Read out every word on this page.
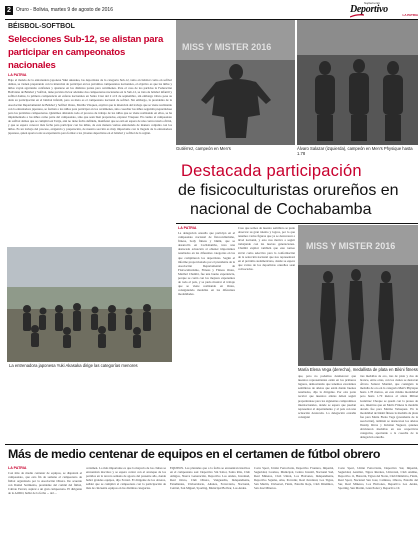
2	Oruro - Bolivia, martes 9 de agosto de 2016
Suplemento
Deportivo	LA PATRIA
BÉISBOL-SOFTBOL
Selecciones Sub-12, se alistan para participar en campeonatos nacionales
LA PATRIA
Bajo el mando de la entrenadora japonesa Yuki Akasaka, las deportistas de la categoría Sub-12, tanto en béisbol como en softbol damas, se vienen preparando con la intención de participar en los próximos campeonatos nacionales, el objetivo es que las niñas y niños vayan agarrando confianza y ajustarse en los distintos partes para certámenes. Para el caso de los partidos la Federación Boliviana de Béisbol y Softbol, tiene previsto llevar adelante dos campeonatos nacionales en la Sub-12, se trata de béisbol infantil y softbol damas, la primera competencia en esferas nacionales en Santa Cruz del 2 al 6 de septiembre, sin embargo Oruro pese su dada su participación en el béisbol infantil, pero su meta es el campeonato nacional de softbol. Sin embargo, la presidenta de la Asociación Departamental de Béisbol y Softbol Oruro, Martha Vásquez, explicó que la intención del trabajo que se viene realizando con la entrenadora japonesa, se forman a los niños para participar en los certámenes, sino cosechar los niños seguirán preparándose para los próximos campeonatos. Quisimos alistando todo el proceso de trabajo de los niños que se viene realizando en ellos, se ha implementado a los niños como parte del campeonato, sino que sean bien preparados, expresó Vásquez. En cuanto al campeonato de softbol damas que se cumplirá en Tarija, aún no tiene fecha definida, manifestó que se está en espera de una convocatoria oficial, y que se espera conocer más fecha para participar con las niñas, de esta manera vamos entrenando de manera conjunta con los niños. Es un trabajo del proceso, exigencia y preparación, de nuestra sección es muy importante con la llegada de la entrenadora japonesa, quien aporta toda su experiencia para formar a los jóvenes deportistas en el béisbol y softbol de la región.
La entrenadora japonesa Yuki Akasaka dirige las categorías menores
MISS Y MISTER 2016
Gutiérrez, campeón en Men's	Álvaro Salazar (izquierda), campeón en Men's Physique hasta 1.78
Destacada participación
de fisicoculturistas orureños en
nacional de Cochabamba
LA PATRIA
La delegación orureña que participó en el campeonato nacional de fisicoculturismo, fitness, body fitness y bikini, que se desarrolló en Cochabamba, tuvo una destacada actuación al obtener importantes resultados en las diferentes categorías en las que compitieron los deportistas. Según el informe proporcionado por el presidente de la Asociación Departamental de Fisicoculturismo, Fitness y Fitness Oruro, Maribel Chambi, fue una buena experiencia, porque se contó con los mejores exponentes de todo el país, y se pudo mostrar el trabajo que se viene realizando en Oruro, consiguiendo medallas en las diferentes modalidades.
Creo que somos de nuestro semillero se pudo observar su gran talento y logros, por lo que tenemos varias figuras que ya se destacaron a nivel nacional, y esto nos motiva a seguir trabajando con las nuevas generaciones. Chambi explicó también que este torneo sirvió como selectivo para la conformación de la selección nacional que nos representará en el próximo sudamericano, donde se espera que varios de los deportistas orureños sean convocados.
MISS Y MISTER 2016
María Elena Vega (derecha), medallista de plata en Bikini fitness
que, pero no podemos desmerecer que nuestros representantes estén en los primeros lugares, demostrando que tenemos excelentes semilleros de atletas que están dando buenos resultados, dijo la dirigente. Por otra parte recalcó que nuestros atletas deben seguir preparándose para los siguientes compromisos internacionales, donde se espera que puedan representar al departamento y al país con una actuación destacada. La delegación orureña consiguió
tres medallas de oro, tres de plata y dos de bronce, entre otras, con los cuales se destacan Álvaro Salazar Montiel, que consiguió la medalla de oro en la categoría Men's Physique hasta 1.78 metros, en esta misma modalidad pero hasta 1.70 metros el atleta Milton Gutiérrez Choque se quedó con la presea de oro, mientras que en Men's Fitness la medalla dorada fue para Marina Velasquez. En la modalidad de bikini fitness la medalla de plata fue para María Elena Vega (presidenta de la asociación), también se destacaron los atletas Jhonny Rivas y Kristian Yaguari, quienes obtuvieron medallas en sus respectivas categorías, aportando a la cosecha de la delegación orureña.
Más de medio centenar de equipos en el certamen de fútbol obrero
LA PATRIA
Con más de medio centenar de equipos, se disputará el campeonato, que esta fin de semana el campeonato de fútbol organizado por la Asociación Obrera. De acuerdo con Daniel Sarmiento, presidente del comité del fútbol, Calixto Ferrari, aspirar a un gran campeonato. El dirigente de la AODO, habló de la fecha ... del ...
certamen. Lo más importante es que la mayoría de los clubes se encuentran inscritos y se espera contar con el arranque de los partidos en la tercera semana de agosto del presente año, donde habrá grandes equipos, dijo Ferrari. El dirigente de los obreros, señaló que se cumplirá el campeonato con la participación de más de cincuenta equipos en las distintas categorías.
EQUIPOS. Los planteles que a la fecha se encuentran inscritos en el campeonato son: Deportivo Sin Sabor, Santa Rita, Club Amigos, Nueva Generación, Deportivo Los Andes, Juventud, Real Oruro, Club Obrero, Vanguardia, Independiente, Estudiantes, Universitario, Alianza, Ferroviario, Nacional, Central, San Miguel, Sporting, Municipal Bolívar, Los Andes.
Corta Sport, Unión Ferroviaria, Deportivo Frontera, Imperial, Seguridad, Cosmos, Municipal, Centro Juvenil, Nacional Sud, Real Mineros, Club Unión, Los Halcones, Independiente, Deportivo Sajama, Alas, Porvenir, Real Juventud, Los Tigres, San Martín, Universal, Fénix, Estrella Roja, Club Dinámico, San José Mineros.
Corte Sport, Unión Ferroviaria, Deportivo Sur, Imperial, Seguridad, Auxiliar, Tigres Rurales, Universal, Club Andino, Deportivo 11, Huracán, Tigres del Norte, Club Dinámico, Fénix, Real Sport, Nacional San José, Caminos, Obrero, Estrella del Sur, Real Mineros, Los Halcones, Deportivo Los Andes, Sporting, San Martín, Gran Poder y Deportivo 10.
